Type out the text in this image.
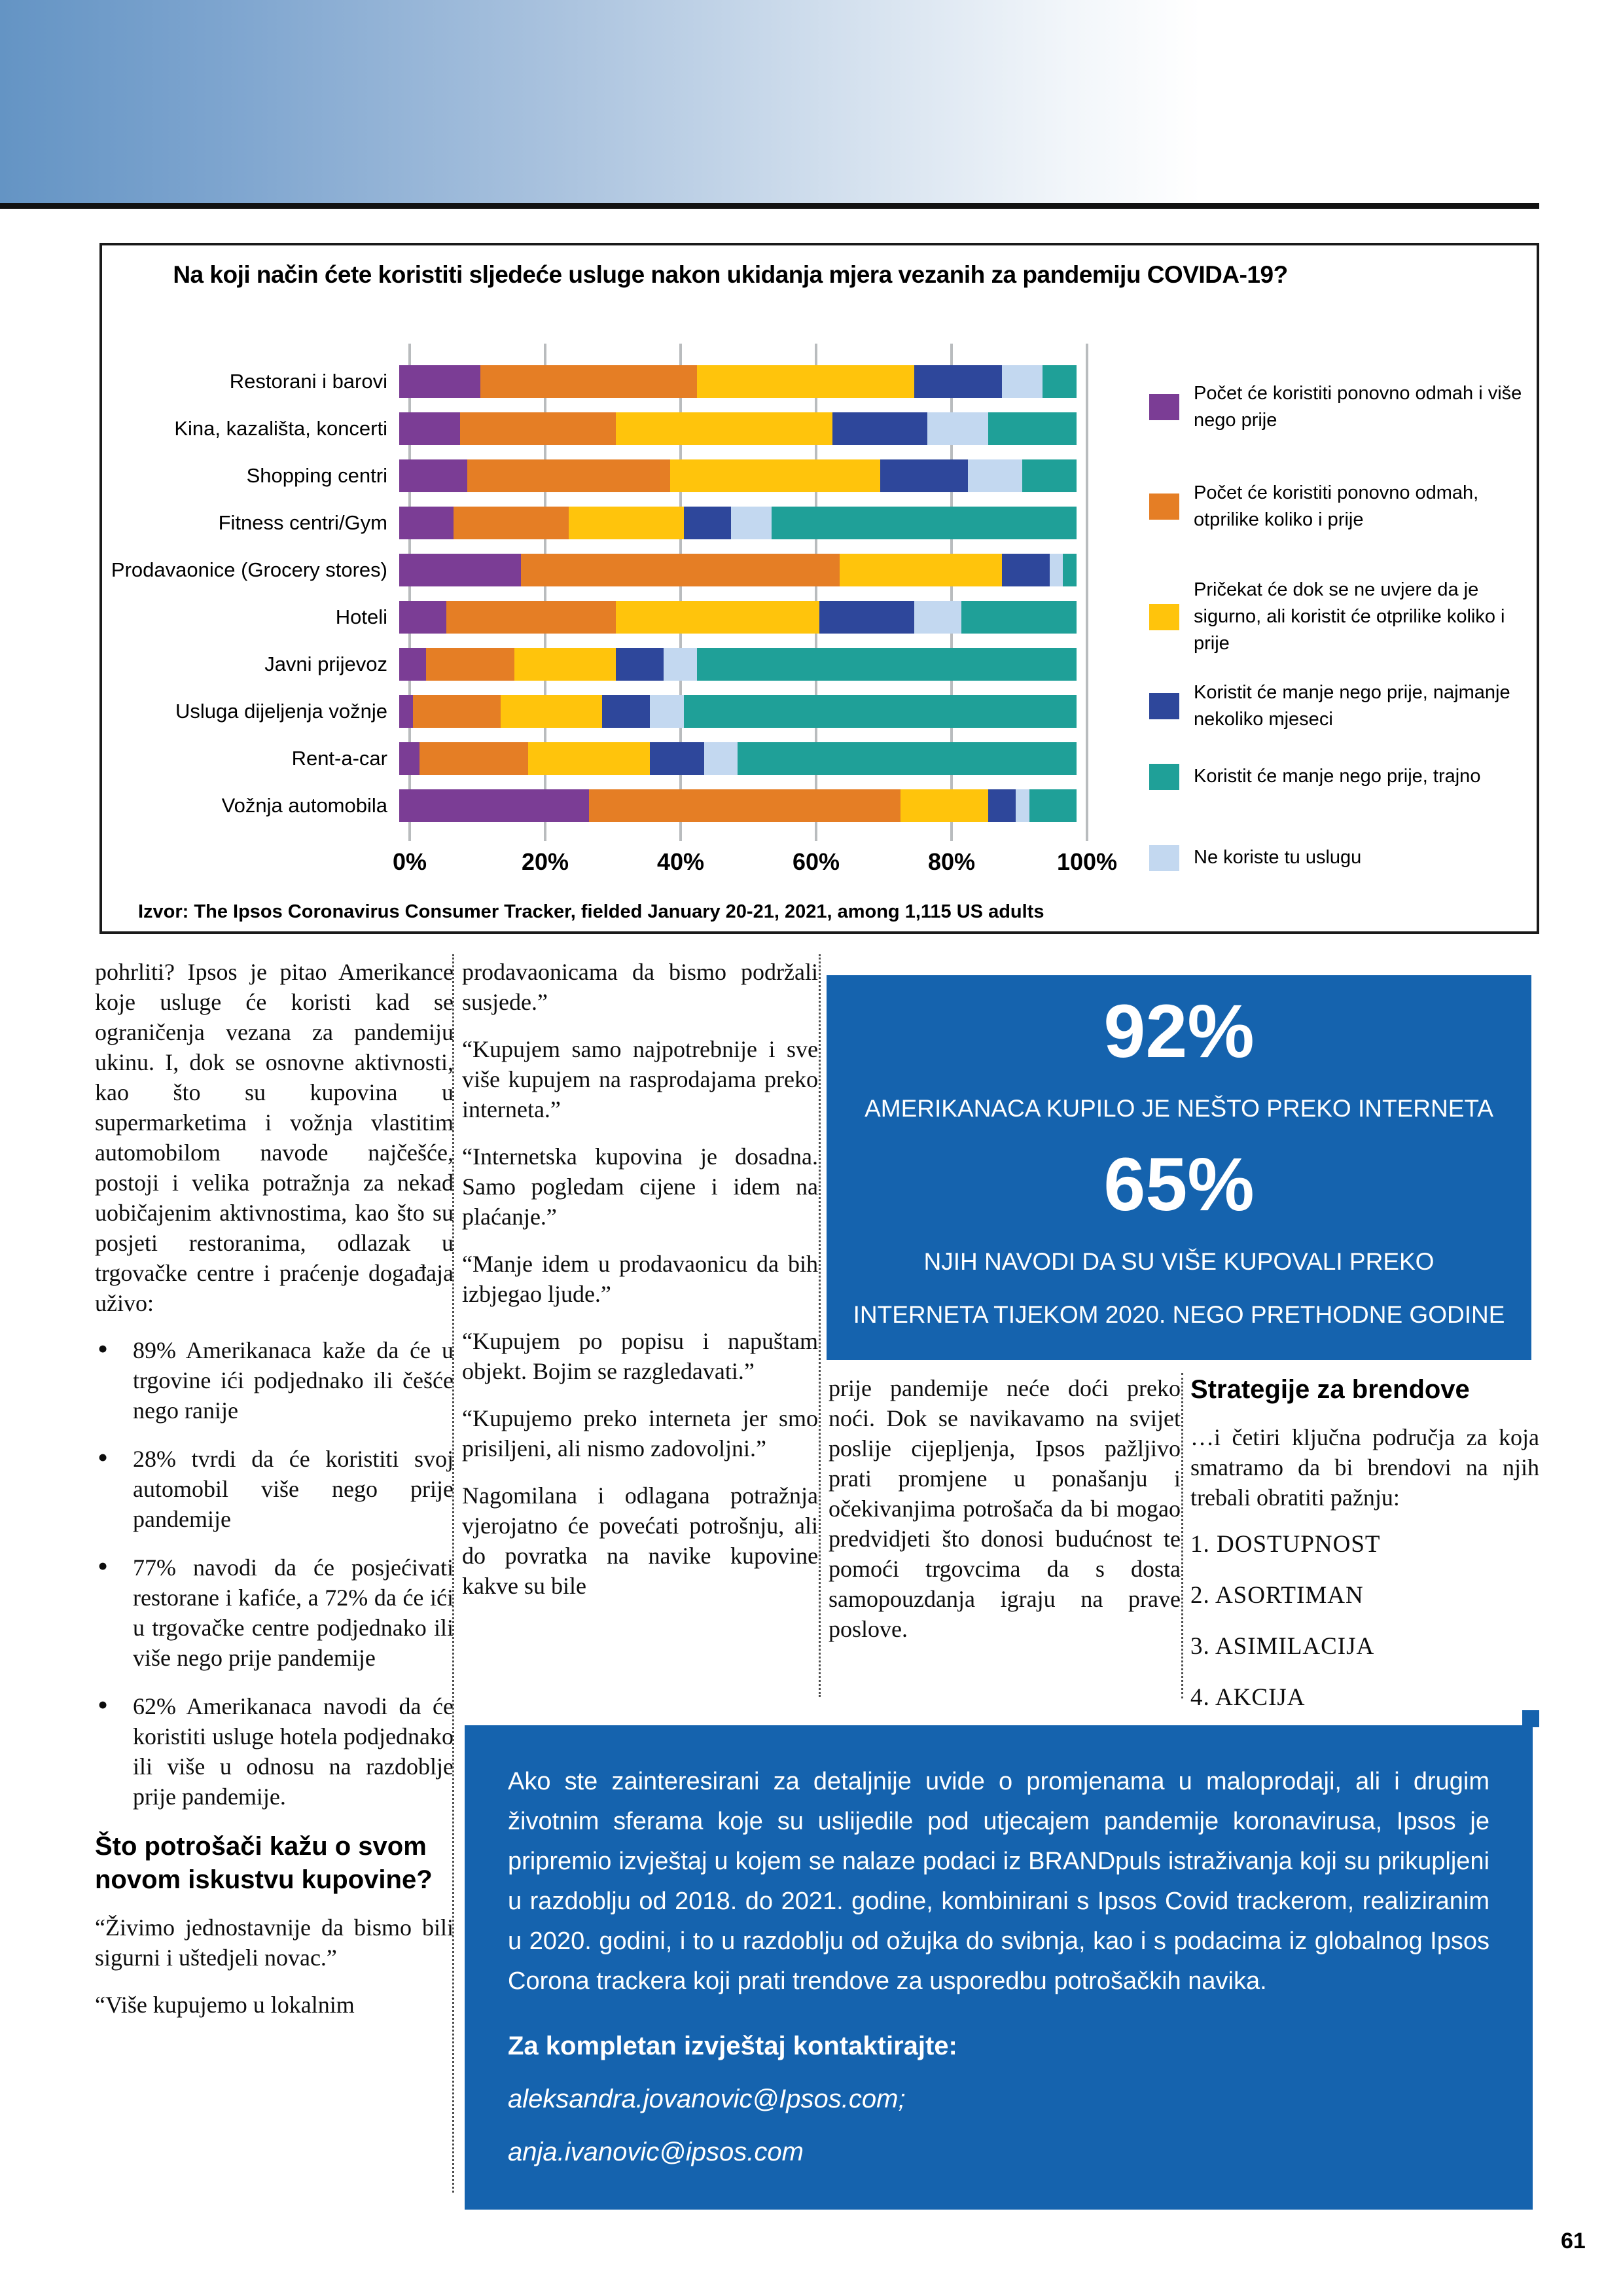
Na koji način ćete koristiti sljedeće usluge nakon ukidanja mjera vezanih za pandemiju COVIDA-19?
Restorani i barovi
Kina, kazališta, koncerti
Shopping centri
Fitness centri/Gym
Prodavaonice (Grocery stores)
Hoteli
Javni prijevoz
Usluga dijeljenja vožnje
Rent-a-car
Vožnja automobila
0%	20%	40%	60%	80%	100%
Počet će koristiti ponovno odmah i više nego prije
Počet će koristiti ponovno odmah, otprilike koliko i prije
Pričekat će dok se ne uvjere da je sigurno, ali koristit će otprilike koliko i prije
Koristit će manje nego prije, najmanje nekoliko mjeseci
Koristit će manje nego prije, trajno
Ne koriste tu uslugu
Izvor: The Ipsos Coronavirus Consumer Tracker, fielded January 20-21, 2021, among 1,115 US adults

pohrliti? Ipsos je pitao Amerikance koje usluge će koristi kad se ograničenja vezana za pandemiju ukinu. I, dok se osnovne aktivnosti, kao što su kupovina u supermarketima i vožnja vlastitim automobilom navode najčešće, postoji i velika potražnja za nekad uobičajenim aktivnostima, kao što su posjeti restoranima, odlazak u trgovačke centre i praćenje događaja uživo:

• 89% Amerikanaca kaže da će u trgovine ići podjednako ili češće nego ranije
• 28% tvrdi da će koristiti svoj automobil više nego prije pandemije
• 77% navodi da će posjećivati restorane i kafiće, a 72% da će ići u trgovačke centre podjednako ili više nego prije pandemije
• 62% Amerikanaca navodi da će koristiti usluge hotela podjednako ili više u odnosu na razdoblje prije pandemije.
Što potrošači kažu o svom novom iskustvu kupovine?

“Živimo jednostavnije da bismo bili sigurni i uštedjeli novac.”

“Više kupujemo u lokalnim

prodavaonicama da bismo podržali susjede.”

“Kupujem samo najpotrebnije i sve više kupujem na rasprodajama preko interneta.”

“Internetska kupovina je dosadna. Samo pogledam cijene i idem na plaćanje.”

“Manje idem u prodavaonicu da bih izbjegao ljude.”

“Kupujem po popisu i napuštam objekt. Bojim se razgledavati.”

“Kupujemo preko interneta jer smo prisiljeni, ali nismo zadovoljni.”

Nagomilana i odlagana potražnja vjerojatno će povećati potrošnju, ali do povratka na navike kupovine kakve su bile

92%
AMERIKANACA KUPILO JE NEŠTO PREKO INTERNETA
65%
NJIH NAVODI DA SU VIŠE KUPOVALI PREKO INTERNETA TIJEKOM 2020. NEGO PRETHODNE GODINE

prije pandemije neće doći preko noći. Dok se navikavamo na svijet poslije cijepljenja, Ipsos pažljivo prati promjene u ponašanju i očekivanjima potrošača da bi mogao predvidjeti što donosi budućnost te pomoći trgovcima da s dosta samopouzdanja igraju na prave poslove.

Strategije za brendove

…i četiri ključna područja za koja smatramo da bi brendovi na njih trebali obratiti pažnju:

1. DOSTUPNOST
2. ASORTIMAN
3. ASIMILACIJA
4. AKCIJA
Ako ste zainteresirani za detaljnije uvide o promjenama u maloprodaji, ali i drugim životnim sferama koje su uslijedile pod utjecajem pandemije koronavirusa, Ipsos je pripremio izvještaj u kojem se nalaze podaci iz BRANDpuls istraživanja koji su prikupljeni u razdoblju od 2018. do 2021. godine, kombinirani s Ipsos Covid trackerom, realiziranim u 2020. godini, i to u razdoblju od ožujka do svibnja, kao i s podacima iz globalnog Ipsos Corona trackera koji prati trendove za usporedbu potrošačkih navika.
Za kompletan izvještaj kontaktirajte:
aleksandra.jovanovic@Ipsos.com;
anja.ivanovic@ipsos.com
61
